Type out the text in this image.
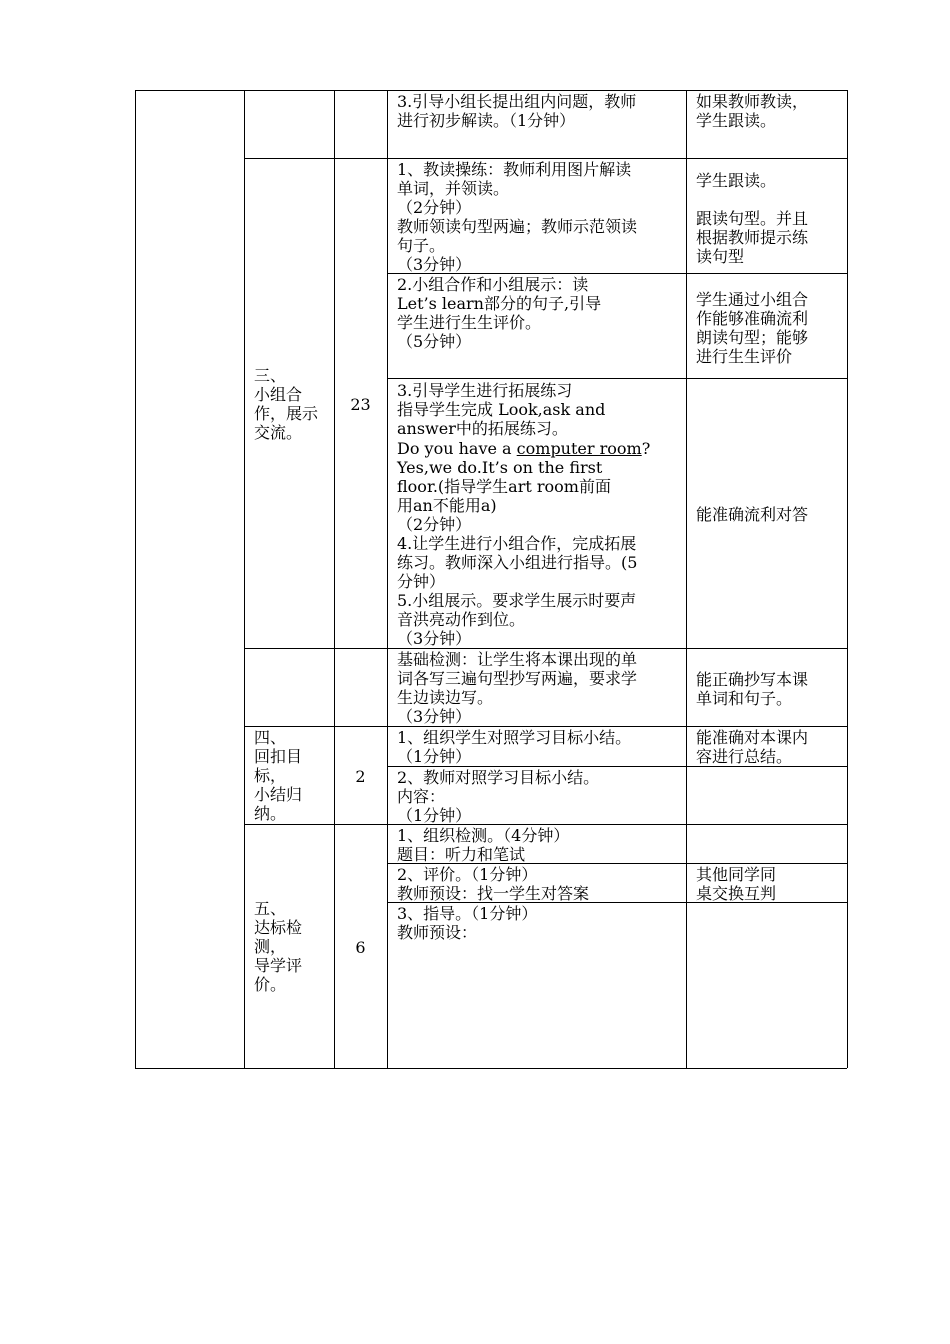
3.引导小组长提出组内问题，教师
进行初步解读。（1分钟）
如果教师教读，
学生跟读。
三、
小组合
作，展示
交流。
23
1、教读操练：教师利用图片解读
单词，并领读。
（2分钟）
教师领读句型两遍；教师示范领读
句子。
（3分钟）
2.小组合作和小组展示：读
Let’s learn部分的句子,引导
学生进行生生评价。
（5分钟）
3.引导学生进行拓展练习
指导学生完成 Look,ask and
answer中的拓展练习。
Do you have a computer room?
Yes,we do.It’s on the first
floor.(指导学生art room前面
用an不能用a)
（2分钟）
4.让学生进行小组合作，完成拓展
练习。教师深入小组进行指导。(5
分钟）
5.小组展示。要求学生展示时要声
音洪亮动作到位。
（3分钟）
基础检测：让学生将本课出现的单
词各写三遍句型抄写两遍，要求学
生边读边写。
（3分钟）
学生跟读。

跟读句型。并且
根据教师提示练
读句型
学生通过小组合
作能够准确流利
朗读句型；能够
进行生生评价
能准确流利对答
能正确抄写本课
单词和句子。
四、
回扣目
标，
小结归
纳。
2
1、组织学生对照学习目标小结。
（1分钟）
2、教师对照学习目标小结。
内容：
（1分钟）
能准确对本课内
容进行总结。
五、
达标检
测，
导学评
价。
6
1、组织检测。（4分钟）
题目：听力和笔试
2、评价。（1分钟）
教师预设：找一学生对答案
3、指导。（1分钟）
教师预设：
其他同学同
桌交换互判
